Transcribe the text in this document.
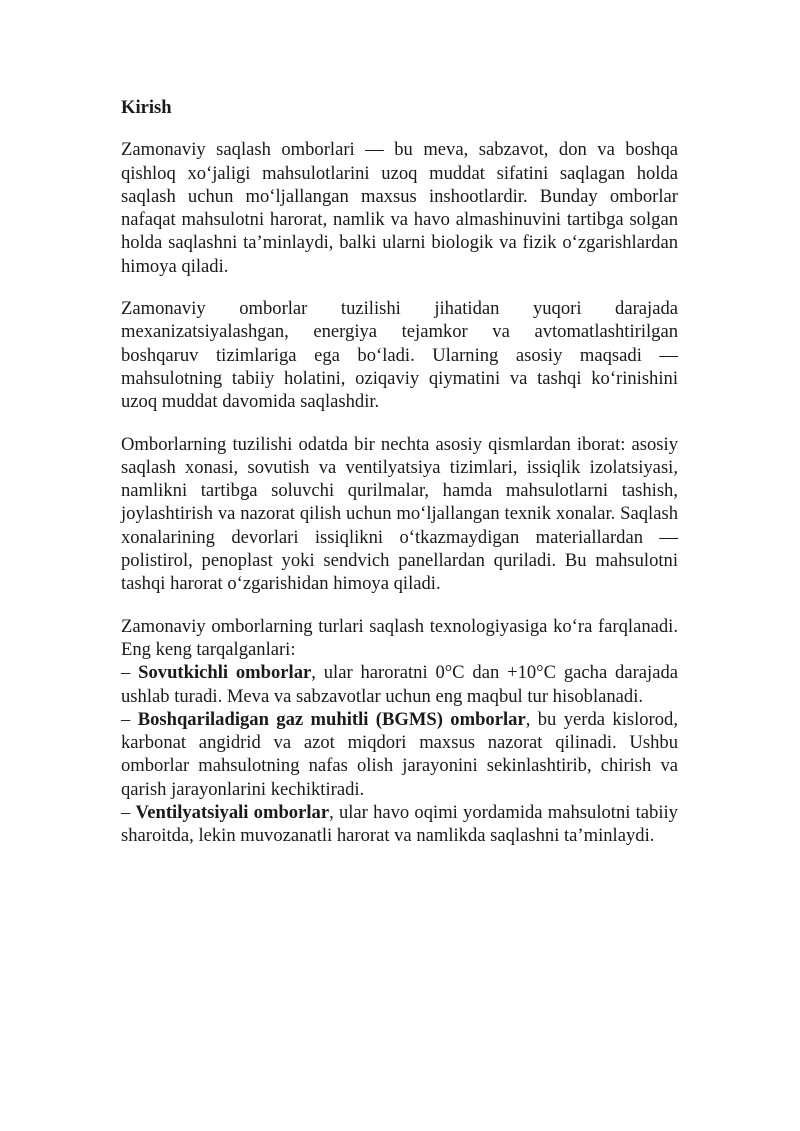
Kirish

Zamonaviy saqlash omborlari — bu meva, sabzavot, don va boshqa qishloq xo‘jaligi mahsulotlarini uzoq muddat sifatini saqlagan holda saqlash uchun mo‘ljallangan maxsus inshootlardir. Bunday omborlar nafaqat mahsulotni harorat, namlik va havo almashinuvini tartibga solgan holda saqlashni ta’minlaydi, balki ularni biologik va fizik o‘zgarishlardan himoya qiladi.

Zamonaviy omborlar tuzilishi jihatidan yuqori darajada mexanizatsiyalashgan, energiya tejamkor va avtomatlashtirilgan boshqaruv tizimlariga ega bo‘ladi. Ularning asosiy maqsadi — mahsulotning tabiiy holatini, oziqaviy qiymatini va tashqi ko‘rinishini uzoq muddat davomida saqlashdir.

Omborlarning tuzilishi odatda bir nechta asosiy qismlardan iborat: asosiy saqlash xonasi, sovutish va ventilyatsiya tizimlari, issiqlik izolatsiyasi, namlikni tartibga soluvchi qurilmalar, hamda mahsulotlarni tashish, joylashtirish va nazorat qilish uchun mo‘ljallangan texnik xonalar. Saqlash xonalarining devorlari issiqlikni o‘tkazmaydigan materiallardan — polistirol, penoplast yoki sendvich panellardan quriladi. Bu mahsulotni tashqi harorat o‘zgarishidan himoya qiladi.

Zamonaviy omborlarning turlari saqlash texnologiyasiga ko‘ra farqlanadi. Eng keng tarqalganlari:

– Sovutkichli omborlar, ular haroratni 0°C dan +10°C gacha darajada ushlab turadi. Meva va sabzavotlar uchun eng maqbul tur hisoblanadi.

– Boshqariladigan gaz muhitli (BGMS) omborlar, bu yerda kislorod, karbonat angidrid va azot miqdori maxsus nazorat qilinadi. Ushbu omborlar mahsulotning nafas olish jarayonini sekinlashtirib, chirish va qarish jarayonlarini kechiktiradi.

– Ventilyatsiyali omborlar, ular havo oqimi yordamida mahsulotni tabiiy sharoitda, lekin muvozanatli harorat va namlikda saqlashni ta’minlaydi.
